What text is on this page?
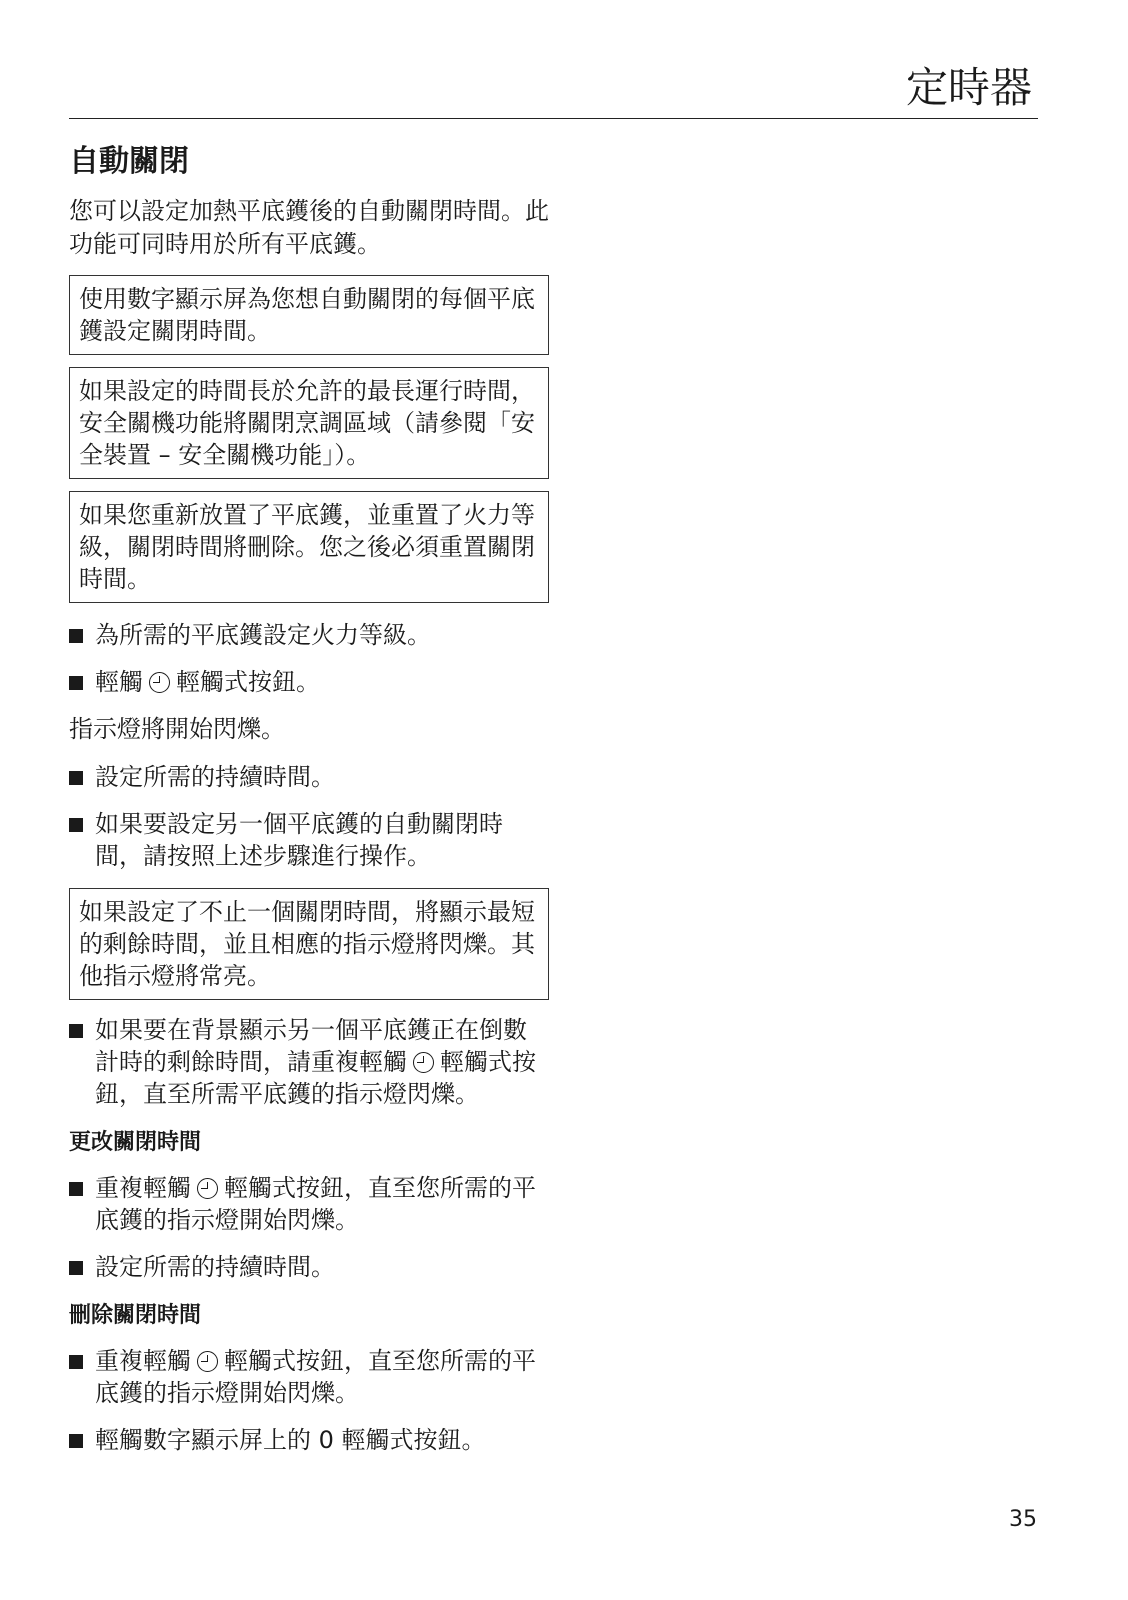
定時器
自動關閉
您可以設定加熱平底鑊後的自動關閉時間。此功能可同時用於所有平底鑊。
使用數字顯示屏為您想自動關閉的每個平底鑊設定關閉時間。
如果設定的時間長於允許的最長運行時間，安全關機功能將關閉烹調區域（請參閱「安全裝置 – 安全關機功能」）。
如果您重新放置了平底鑊，並重置了火力等級，關閉時間將刪除。您之後必須重置關閉時間。
為所需的平底鑊設定火力等級。
輕觸 輕觸式按鈕。
指示燈將開始閃爍。
設定所需的持續時間。
如果要設定另一個平底鑊的自動關閉時間，請按照上述步驟進行操作。
如果設定了不止一個關閉時間，將顯示最短的剩餘時間，並且相應的指示燈將閃爍。其他指示燈將常亮。
如果要在背景顯示另一個平底鑊正在倒數計時的剩餘時間，請重複輕觸 輕觸式按鈕，直至所需平底鑊的指示燈閃爍。
更改關閉時間
重複輕觸 輕觸式按鈕，直至您所需的平底鑊的指示燈開始閃爍。
設定所需的持續時間。
刪除關閉時間
重複輕觸 輕觸式按鈕，直至您所需的平底鑊的指示燈開始閃爍。
輕觸數字顯示屏上的 0 輕觸式按鈕。
35
